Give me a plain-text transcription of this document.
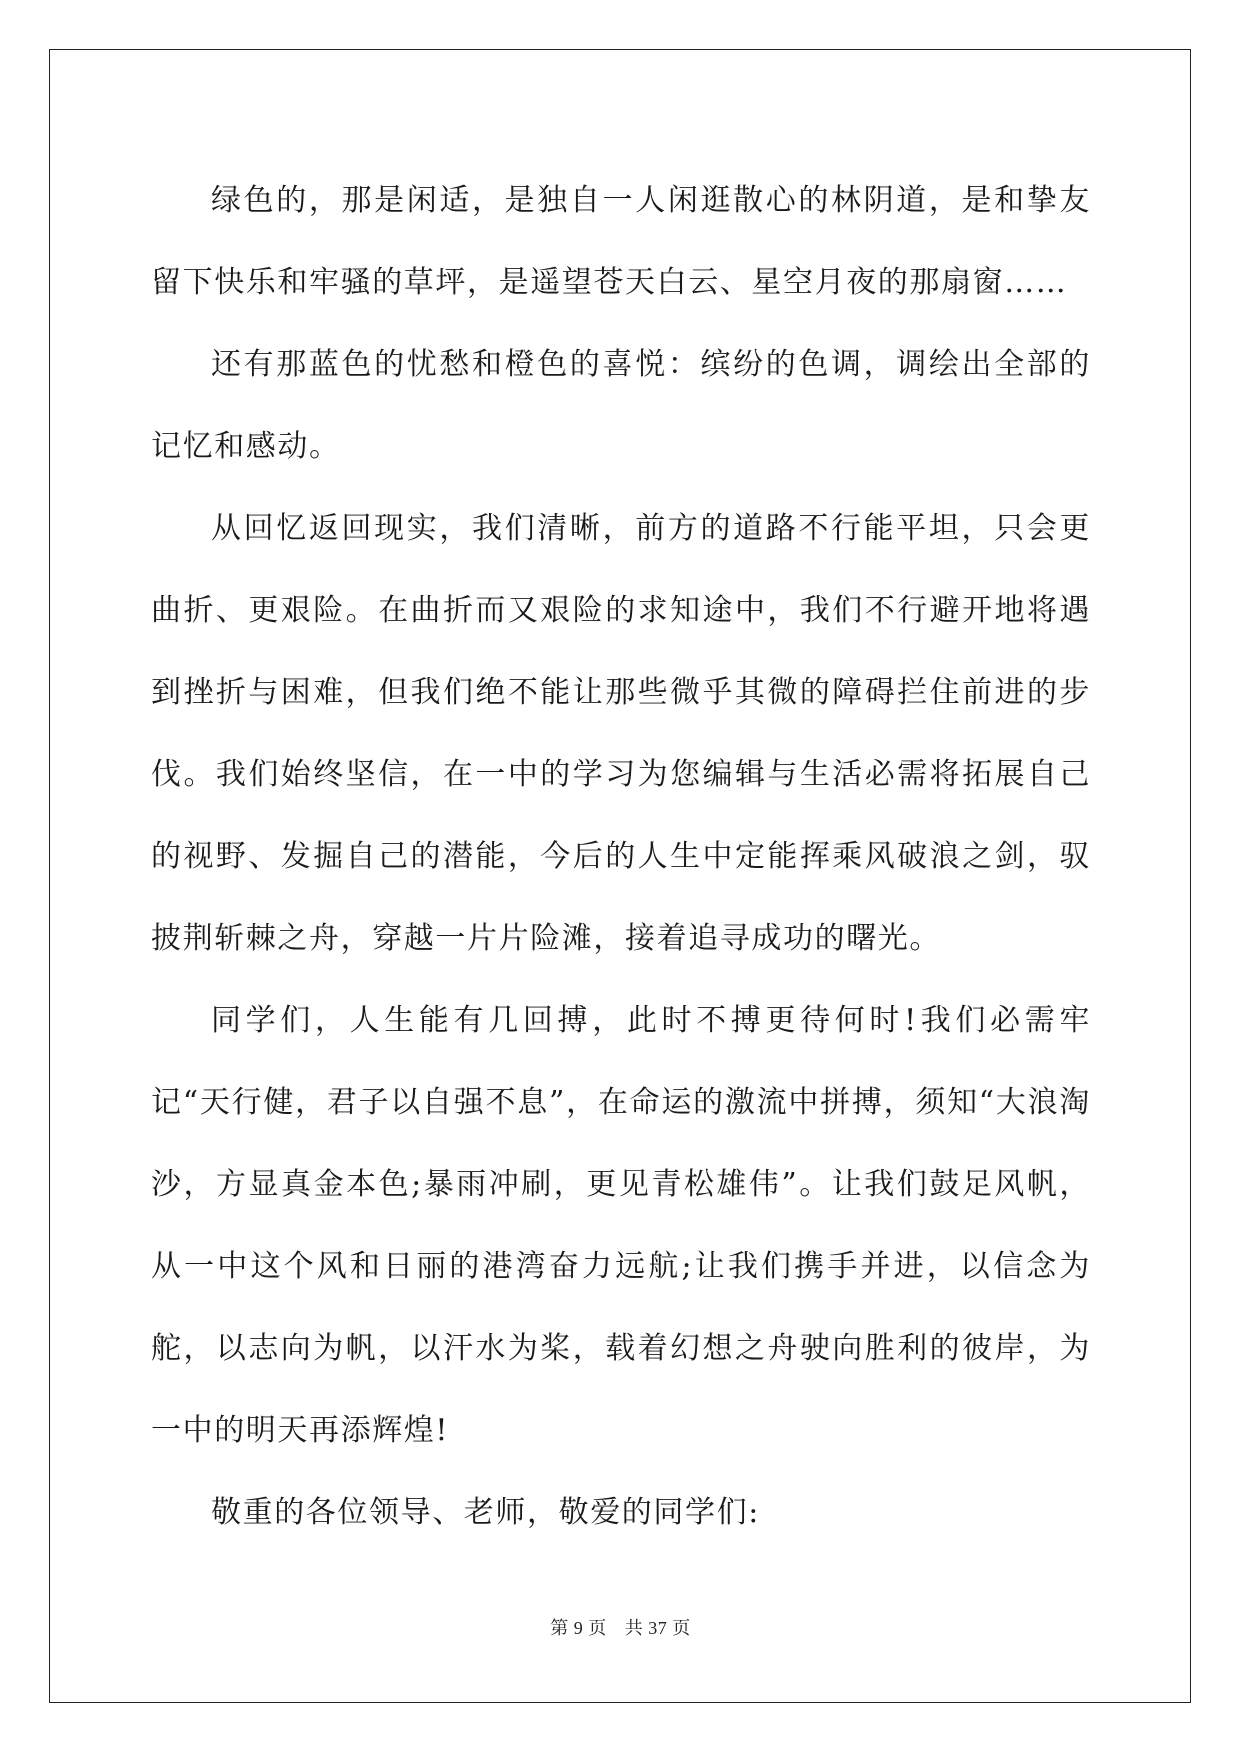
绿色的，那是闲适，是独自一人闲逛散心的林阴道，是和挚友留下快乐和牢骚的草坪，是遥望苍天白云、星空月夜的那扇窗……

还有那蓝色的忧愁和橙色的喜悦：缤纷的色调，调绘出全部的记忆和感动。

从回忆返回现实，我们清晰，前方的道路不行能平坦，只会更曲折、更艰险。在曲折而又艰险的求知途中，我们不行避开地将遇到挫折与困难，但我们绝不能让那些微乎其微的障碍拦住前进的步伐。我们始终坚信，在一中的学习为您编辑与生活必需将拓展自己的视野、发掘自己的潜能，今后的人生中定能挥乘风破浪之剑，驭披荆斩棘之舟，穿越一片片险滩，接着追寻成功的曙光。

同学们，人生能有几回搏，此时不搏更待何时!我们必需牢记“天行健，君子以自强不息”，在命运的激流中拼搏，须知“大浪淘沙，方显真金本色;暴雨冲刷，更见青松雄伟”。让我们鼓足风帆，从一中这个风和日丽的港湾奋力远航;让我们携手并进，以信念为舵，以志向为帆，以汗水为桨，载着幻想之舟驶向胜利的彼岸，为一中的明天再添辉煌!

敬重的各位领导、老师，敬爱的同学们:

第 9 页 共 37 页
